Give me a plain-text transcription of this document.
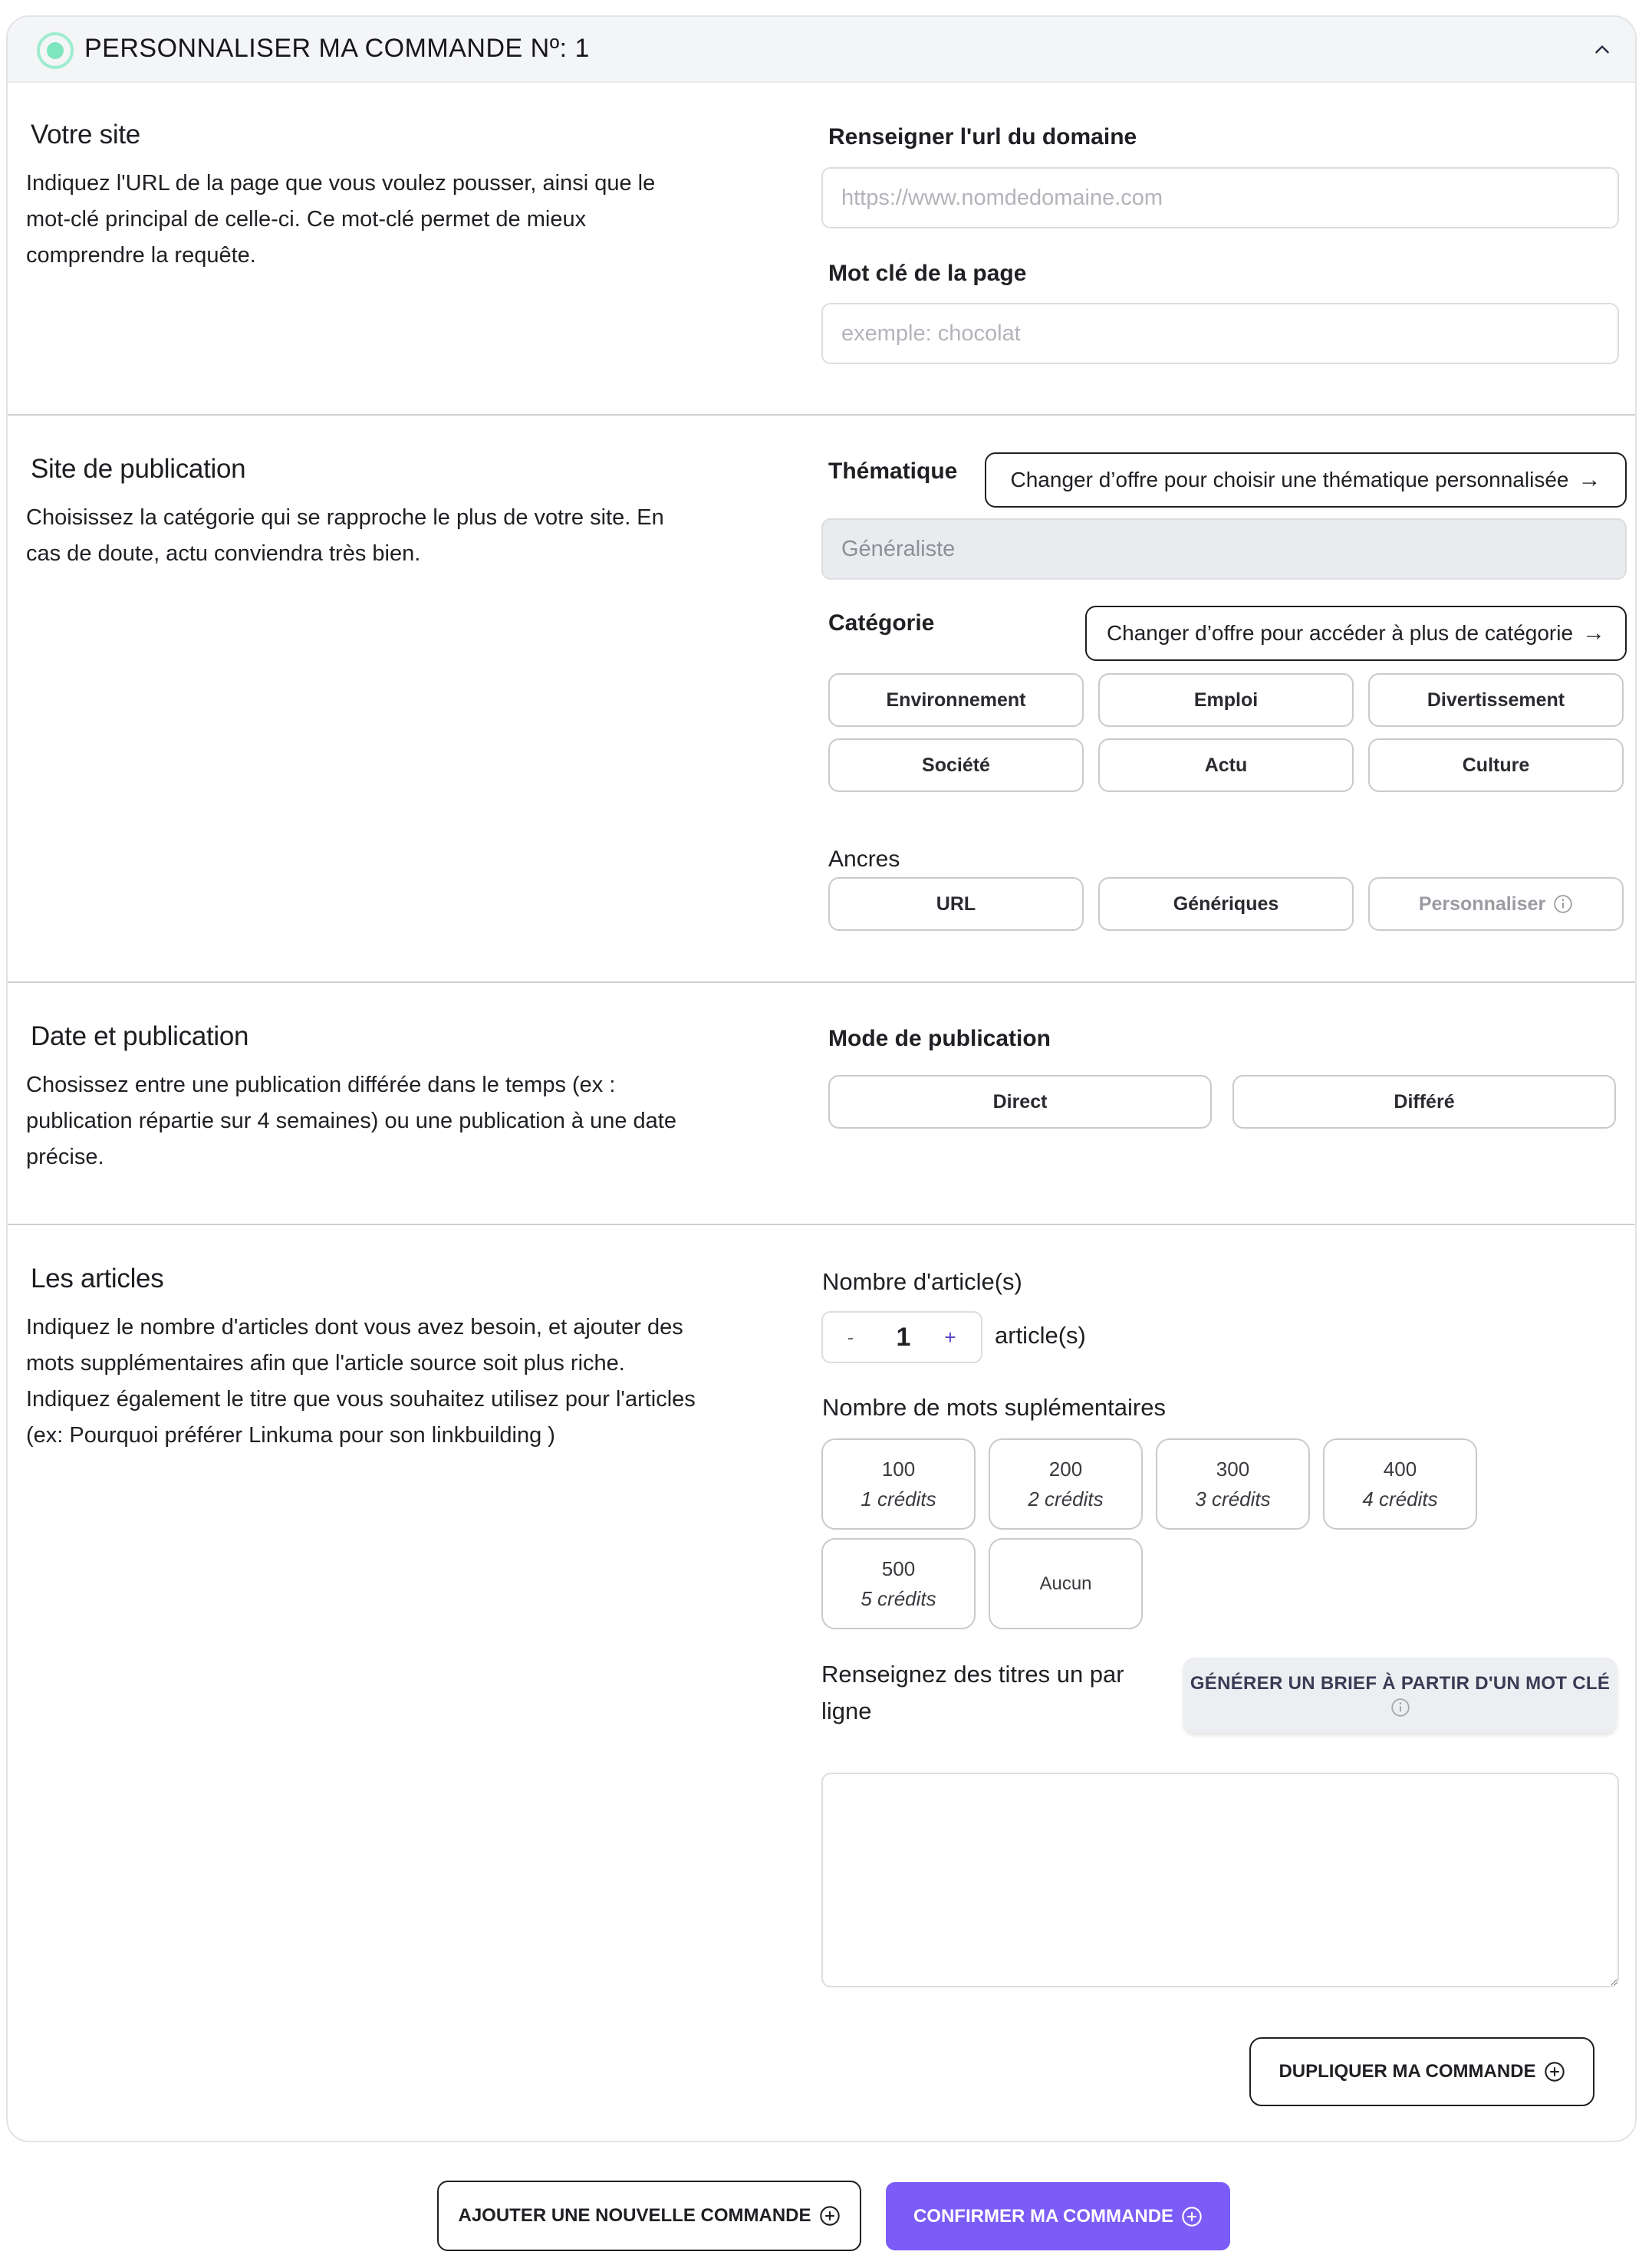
PERSONNALISER MA COMMANDE Nº: 1
Votre site
Indiquez l'URL de la page que vous voulez pousser, ainsi que le mot-clé principal de celle-ci. Ce mot-clé permet de mieux comprendre la requête.
Renseigner l'url du domaine
https://www.nomdedomaine.com
Mot clé de la page
exemple: chocolat
Site de publication
Choisissez la catégorie qui se rapproche le plus de votre site. En cas de doute, actu conviendra très bien.
Thématique Changer d’offre pour choisir une thématique personnalisée →
Généraliste
Catégorie	Changer d’offre pour accéder à plus de catégorie →
Environnement	Emploi	Divertissement
Société	Actu	Culture
Ancres
URL	Génériques	Personnaliser
Date et publication
Chosissez entre une publication différée dans le temps (ex : publication répartie sur 4 semaines) ou une publication à une date précise.
Mode de publication
Direct	Différé
Les articles
Indiquez le nombre d'articles dont vous avez besoin, et ajouter des mots supplémentaires afin que l'article source soit plus riche. Indiquez également le titre que vous souhaitez utilisez pour l'articles (ex: Pourquoi préférer Linkuma pour son linkbuilding )
Nombre d'article(s)
Nombre de mots suplémentaires
-	1	+	article(s)
100
1 crédits
200
2 crédits
300
3 crédits
400
4 crédits
500
5 crédits
Aucun
Renseignez des titres un par ligne
GÉNÉRER UN BRIEF À PARTIR D'UN MOT CLÉ
DUPLIQUER MA COMMANDE
AJOUTER UNE NOUVELLE COMMANDE	CONFIRMER MA COMMANDE
